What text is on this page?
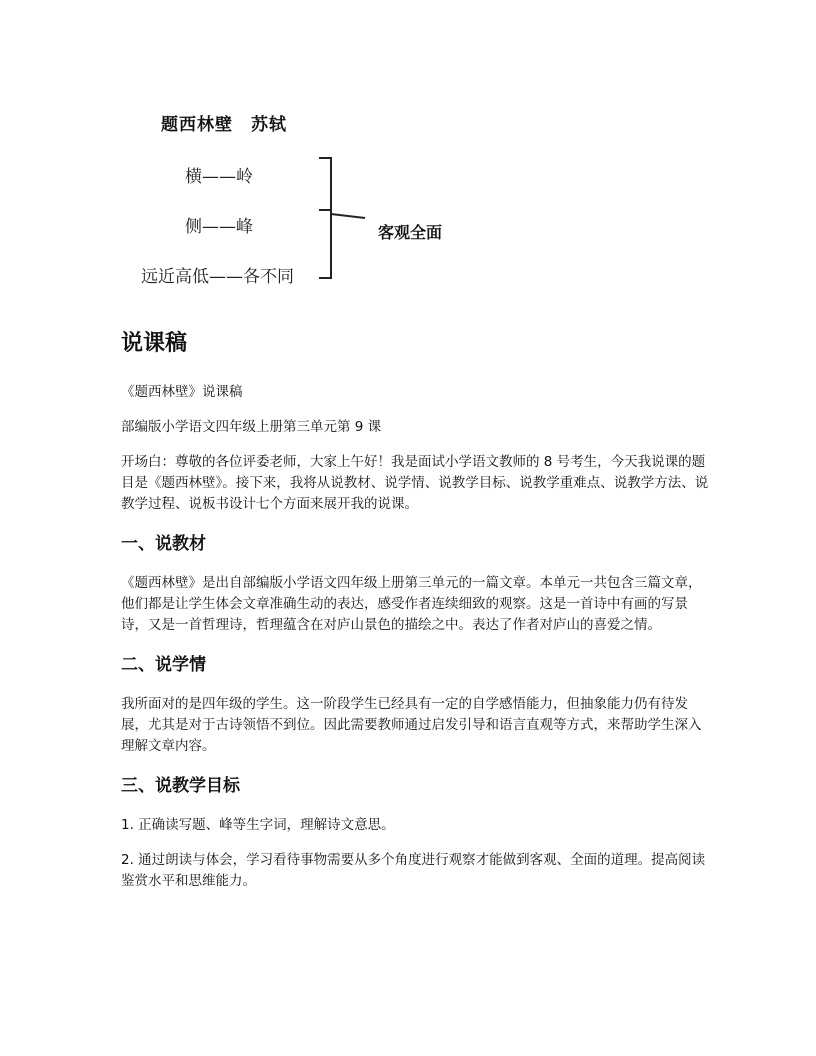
题西林壁　苏轼
横——岭
侧——峰
远近高低——各不同
客观全面
说课稿

《题西林壁》说课稿

部编版小学语文四年级上册第三单元第 9 课

开场白：尊敬的各位评委老师，大家上午好！我是面试小学语文教师的 8 号考生，今天我说课的题目是《题西林壁》。接下来，我将从说教材、说学情、说教学目标、说教学重难点、说教学方法、说教学过程、说板书设计七个方面来展开我的说课。

一、说教材

《题西林壁》是出自部编版小学语文四年级上册第三单元的一篇文章。本单元一共包含三篇文章，他们都是让学生体会文章准确生动的表达，感受作者连续细致的观察。这是一首诗中有画的写景诗，又是一首哲理诗，哲理蕴含在对庐山景色的描绘之中。表达了作者对庐山的喜爱之情。

二、说学情

我所面对的是四年级的学生。这一阶段学生已经具有一定的自学感悟能力，但抽象能力仍有待发展，尤其是对于古诗领悟不到位。因此需要教师通过启发引导和语言直观等方式，来帮助学生深入理解文章内容。

三、说教学目标

1. 正确读写题、峰等生字词，理解诗文意思。

2. 通过朗读与体会，学习看待事物需要从多个角度进行观察才能做到客观、全面的道理。提高阅读鉴赏水平和思维能力。
